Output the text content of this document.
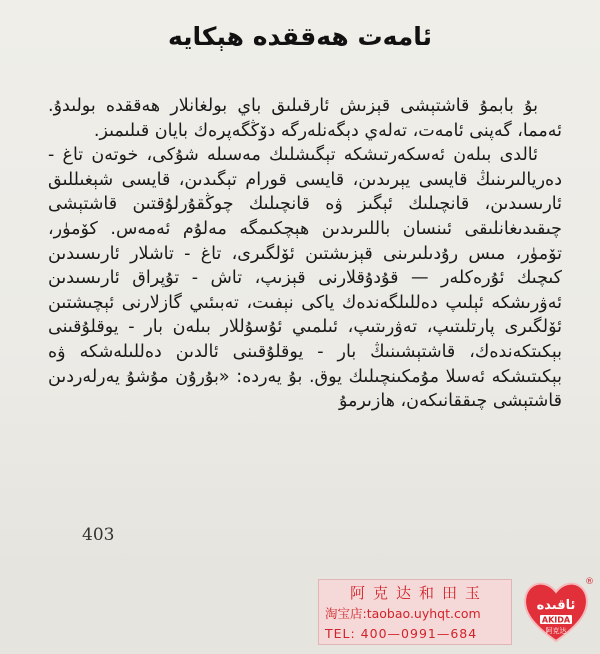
ئامەت ھەققدە ھېكايە

بۇ بابمۇ قاشتېشى قېزىش ئارقىلىق باي بولغانلار ھەققدە بولىدۇ. ئەمما، گەپنى ئامەت، تەلەي دېگەنلەرگە دۆڭگەپرەك بايان قىلىمىز.

ئالدى بىلەن ئەسكەرتىشكە تېگىشلىك مەسىلە شۇكى، خوتەن تاغ - دەريالىرىنىڭ قايسى يېرىدىن، قايسى قورام تېگىدىن، قايسى شېغىللىق ئارىسىدىن، قانچىلىك ئېگىز ۋە قانچىلىك چوڭقۇرلۇقتىن قاشتېشى چىقىدىغانلىقى ئىنسان باللىرىدىن ھېچكىمگە مەلۇم ئەمەس. كۆمۈر، تۆمۈر، مىس رۇدىلىرىنى قېزىشتىن ئۆلگىرى، تاغ - تاشلار ئارىسىدىن كىچىك ئۇرەكلەر — قۇدۇقلارنى قېزىپ، تاش - تۇپراق ئارىسىدىن ئەۋرىشكە ئېلىپ دەللىلگەندەك ياكى نېفىت، تەبىئىي گازلارنى ئېچىشتىن ئۆلگىرى پارتلىتىپ، تەۋرىتىپ، ئىلمىي ئۇسۇللار بىلەن بار - يوقلۇقىنى بېكىتكەندەك، قاشتېشىنىڭ بار - يوقلۇقىنى ئالدىن دەللىلەشكە ۋە بېكىتىشكە ئەسلا مۇمكىنچىلىك يوق. بۇ يەردە: «بۇرۇن مۇشۇ يەرلەردىن قاشتېشى چىققانىكەن، ھازىرمۇ

403
阿克达和田玉
淘宝店:taobao.uyhqt.com
TEL: 400—0991—684
ئاقىدە
AKIDA
阿克达
®
